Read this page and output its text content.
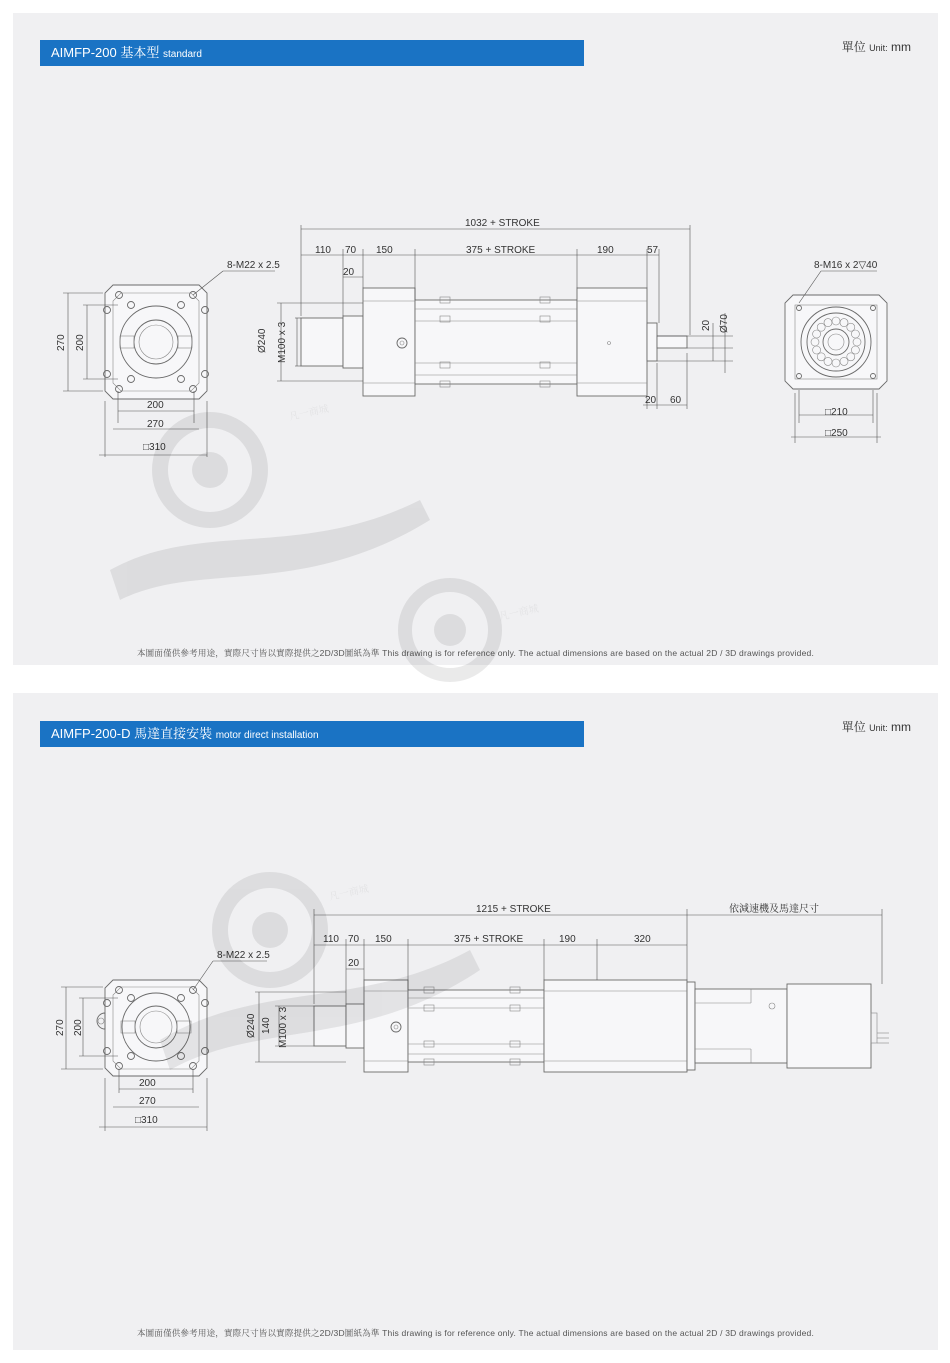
AIMFP-200 基本型 standard
單位 Unit: mm
8-M22 x 2.5
270 200
200
270
□310
1032 + STROKE
110 70 150	375 + STROKE	190	57
20
Ø240 M100 x 3	20 Ø70
20 60
8-M16 x 2▽40
□210
□250
本圖面僅供參考用途，實際尺寸皆以實際提供之2D/3D圖紙為準 This drawing is for reference only. The actual dimensions are based on the actual 2D / 3D drawings provided.
AIMFP-200-D 馬達直接安裝 motor direct installation
單位 Unit: mm
8-M22 x 2.5
270 200
200
270
□310
1215 + STROKE	依減速機及馬達尺寸
110 70 150	375 + STROKE	190	320
20
Ø240 140 M100 x 3
本圖面僅供參考用途，實際尺寸皆以實際提供之2D/3D圖紙為準 This drawing is for reference only. The actual dimensions are based on the actual 2D / 3D drawings provided.
